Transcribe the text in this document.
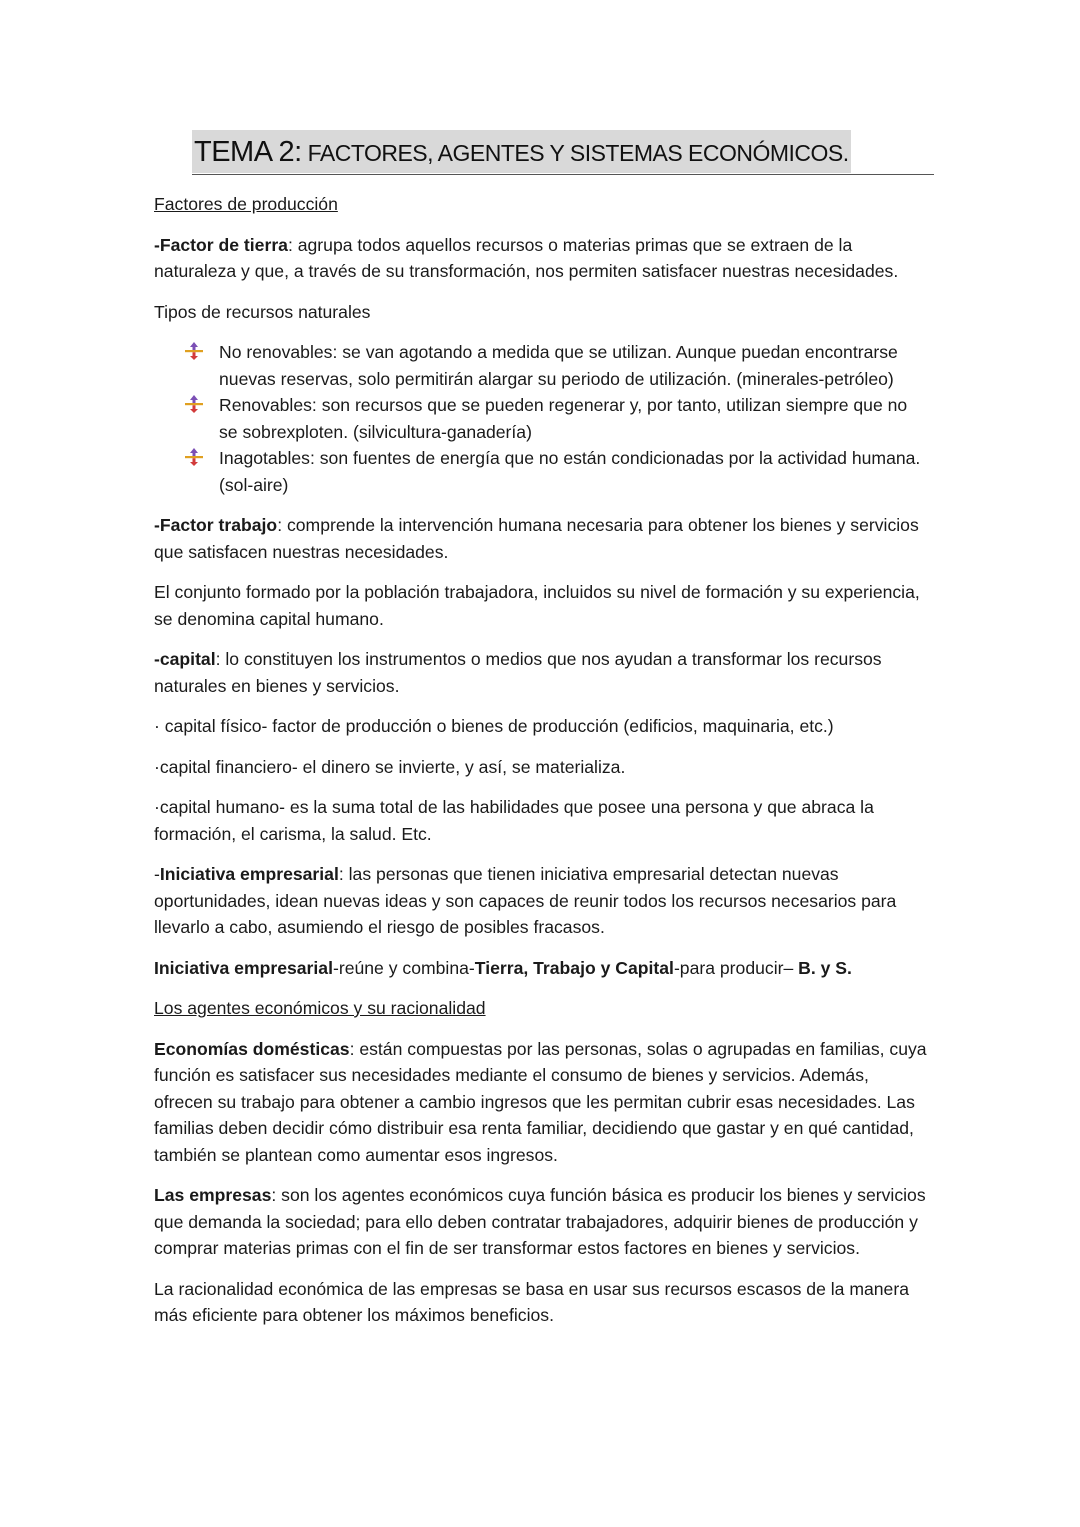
TEMA 2: FACTORES, AGENTES Y SISTEMAS ECONÓMICOS.

Factores de producción

-Factor de tierra: agrupa todos aquellos recursos o materias primas que se extraen de la naturaleza y que, a través de su transformación, nos permiten satisfacer nuestras necesidades.

Tipos de recursos naturales

No renovables: se van agotando a medida que se utilizan. Aunque puedan encontrarse nuevas reservas, solo permitirán alargar su periodo de utilización. (minerales-petróleo)
Renovables: son recursos que se pueden regenerar y, por tanto, utilizan siempre que no se sobrexploten. (silvicultura-ganadería)
Inagotables: son fuentes de energía que no están condicionadas por la actividad humana. (sol-aire)

-Factor trabajo: comprende la intervención humana necesaria para obtener los bienes y servicios que satisfacen nuestras necesidades.

El conjunto formado por la población trabajadora, incluidos su nivel de formación y su experiencia, se denomina capital humano.

-capital: lo constituyen los instrumentos o medios que nos ayudan a transformar los recursos naturales en bienes y servicios.

· capital físico- factor de producción o bienes de producción (edificios, maquinaria, etc.)

·capital financiero- el dinero se invierte, y así, se materializa.

·capital humano- es la suma total de las habilidades que posee una persona y que abraca la formación, el carisma, la salud. Etc.

-Iniciativa empresarial: las personas que tienen iniciativa empresarial detectan nuevas oportunidades, idean nuevas ideas y son capaces de reunir todos los recursos necesarios para llevarlo a cabo, asumiendo el riesgo de posibles fracasos.

Iniciativa empresarial-reúne y combina-Tierra, Trabajo y Capital-para producir– B. y S.

Los agentes económicos y su racionalidad

Economías domésticas: están compuestas por las personas, solas o agrupadas en familias, cuya función es satisfacer sus necesidades mediante el consumo de bienes y servicios. Además, ofrecen su trabajo para obtener a cambio ingresos que les permitan cubrir esas necesidades. Las familias deben decidir cómo distribuir esa renta familiar, decidiendo que gastar y en qué cantidad, también se plantean como aumentar esos ingresos.

Las empresas: son los agentes económicos cuya función básica es producir los bienes y servicios que demanda la sociedad; para ello deben contratar trabajadores, adquirir bienes de producción y comprar materias primas con el fin de ser transformar estos factores en bienes y servicios.

La racionalidad económica de las empresas se basa en usar sus recursos escasos de la manera más eficiente para obtener los máximos beneficios.
